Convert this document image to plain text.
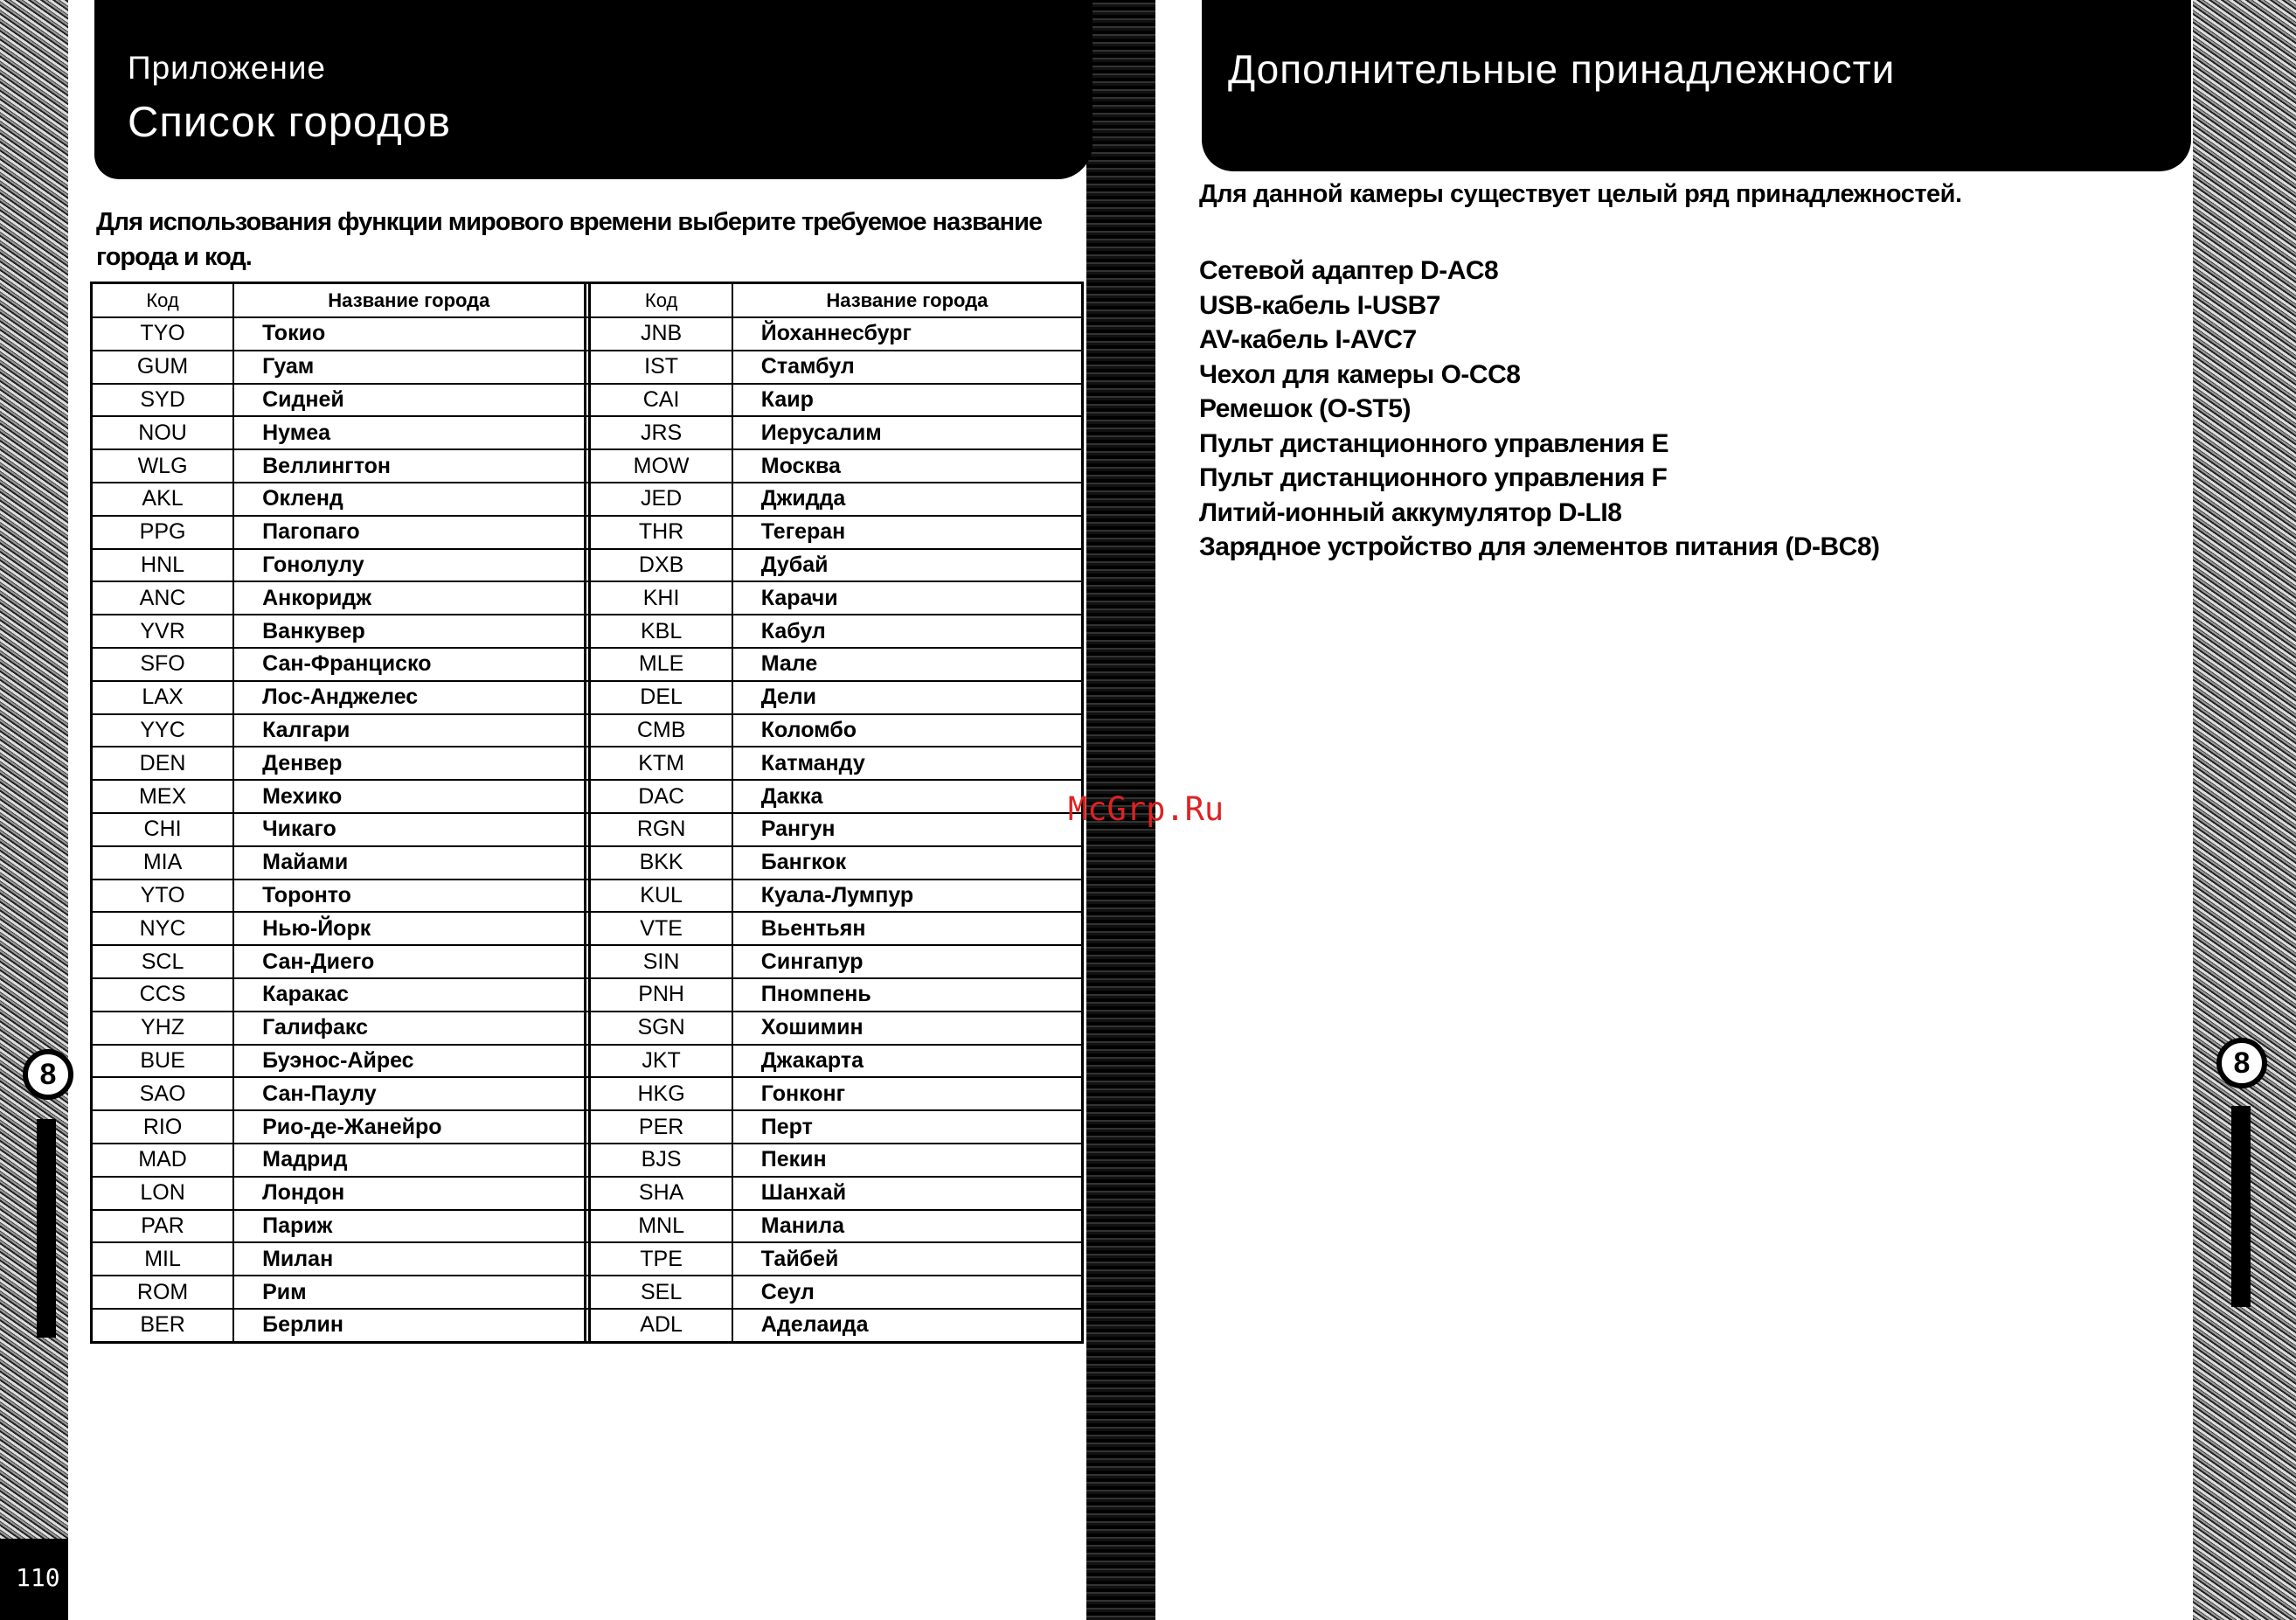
Приложение
Список городов
Для использования функции мирового времени выберите требуемое название города и код.
Код	Название города		Код	Название города
TYO	Токио		JNB	Йоханнесбург
GUM	Гуам		IST	Стамбул
SYD	Сидней		CAI	Каир
NOU	Нумеа		JRS	Иерусалим
WLG	Веллингтон		MOW	Москва
AKL	Окленд		JED	Джидда
PPG	Пагопаго		THR	Тегеран
HNL	Гонолулу		DXB	Дубай
ANC	Анкоридж		KHI	Карачи
YVR	Ванкувер		KBL	Кабул
SFO	Сан-Франциско		MLE	Мале
LAX	Лос-Анджелес		DEL	Дели
YYC	Калгари		CMB	Коломбо
DEN	Денвер		KTM	Катманду
MEX	Мехико		DAC	Дакка
CHI	Чикаго		RGN	Рангун
MIA	Майами		BKK	Бангкок
YTO	Торонто		KUL	Куала-Лумпур
NYC	Нью-Йорк		VTE	Вьентьян
SCL	Сан-Диего		SIN	Сингапур
CCS	Каракас		PNH	Пномпень
YHZ	Галифакс		SGN	Хошимин
BUE	Буэнос-Айрес		JKT	Джакарта
SAO	Сан-Паулу		HKG	Гонконг
RIO	Рио-де-Жанейро		PER	Перт
MAD	Мадрид		BJS	Пекин
LON	Лондон		SHA	Шанхай
PAR	Париж		MNL	Манила
MIL	Милан		TPE	Тайбей
ROM	Рим		SEL	Сеул
BER	Берлин		ADL	Аделаида
Дополнительные принадлежности
Для данной камеры существует целый ряд принадлежностей.
Сетевой адаптер D-AC8
USB-кабель I-USB7
AV-кабель I-AVC7
Чехол для камеры O-CC8
Ремешок (O-ST5)
Пульт дистанционного управления E
Пульт дистанционного управления F
Литий-ионный аккумулятор D-LI8
Зарядное устройство для элементов питания (D-BC8)
McGrp.Ru
8	8
110
